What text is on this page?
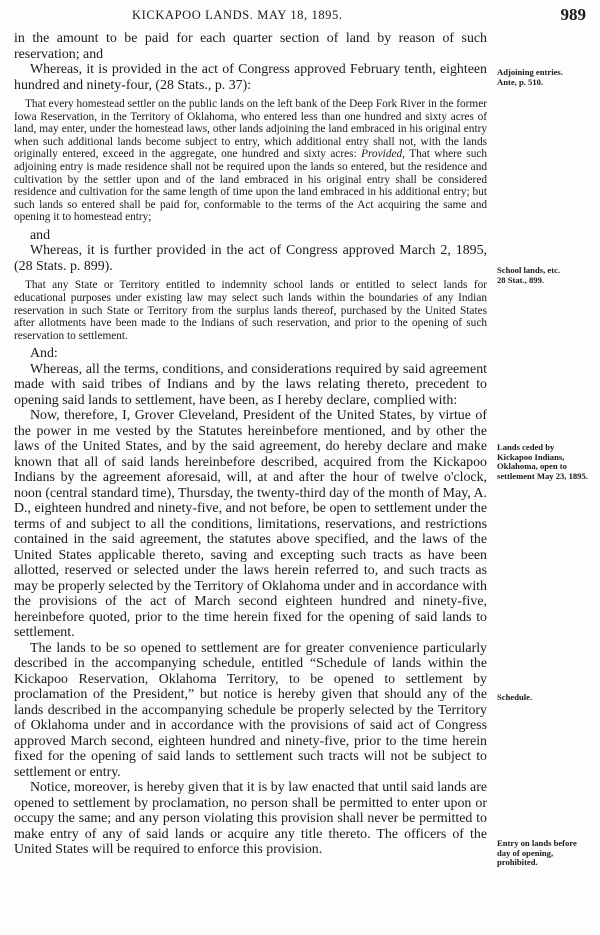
KICKAPOO LANDS. MAY 18, 1895.	989

in the amount to be paid for each quarter section of land by reason of such reservation; and

Whereas, it is provided in the act of Congress approved February tenth, eighteen hundred and ninety-four, (28 Stats., p. 37):

That every homestead settler on the public lands on the left bank of the Deep Fork River in the former Iowa Reservation, in the Territory of Oklahoma, who entered less than one hundred and sixty acres of land, may enter, under the homestead laws, other lands adjoining the land embraced in his original entry when such additional lands become subject to entry, which additional entry shall not, with the lands originally entered, exceed in the aggregate, one hundred and sixty acres: Provided, That where such adjoining entry is made residence shall not be required upon the lands so entered, but the residence and cultivation by the settler upon and of the land embraced in his original entry shall be considered residence and cultivation for the same length of time upon the land embraced in his additional entry; but such lands so entered shall be paid for, conformable to the terms of the Act acquiring the same and opening it to homestead entry;

and

Whereas, it is further provided in the act of Congress approved March 2, 1895, (28 Stats. p. 899).

That any State or Territory entitled to indemnity school lands or entitled to select lands for educational purposes under existing law may select such lands within the boundaries of any Indian reservation in such State or Territory from the surplus lands thereof, purchased by the United States after allotments have been made to the Indians of such reservation, and prior to the opening of such reservation to settlement.

And:

Whereas, all the terms, conditions, and considerations required by said agreement made with said tribes of Indians and by the laws relating thereto, precedent to opening said lands to settlement, have been, as I hereby declare, complied with:

Now, therefore, I, Grover Cleveland, President of the United States, by virtue of the power in me vested by the Statutes hereinbefore mentioned, and by other the laws of the United States, and by the said agreement, do hereby declare and make known that all of said lands hereinbefore described, acquired from the Kickapoo Indians by the agreement aforesaid, will, at and after the hour of twelve o'clock, noon (central standard time), Thursday, the twenty-third day of the month of May, A. D., eighteen hundred and ninety-five, and not before, be open to settlement under the terms of and subject to all the conditions, limitations, reservations, and restrictions contained in the said agreement, the statutes above specified, and the laws of the United States applicable thereto, saving and excepting such tracts as have been allotted, reserved or selected under the laws herein referred to, and such tracts as may be properly selected by the Territory of Oklahoma under and in accordance with the provisions of the act of March second eighteen hundred and ninety-five, hereinbefore quoted, prior to the time herein fixed for the opening of said lands to settlement.

The lands to be so opened to settlement are for greater convenience particularly described in the accompanying schedule, entitled “Schedule of lands within the Kickapoo Reservation, Oklahoma Territory, to be opened to settlement by proclamation of the President,” but notice is hereby given that should any of the lands described in the accompanying schedule be properly selected by the Territory of Oklahoma under and in accordance with the provisions of said act of Congress approved March second, eighteen hundred and ninety-five, prior to the time herein fixed for the opening of said lands to settlement such tracts will not be subject to settlement or entry.

Notice, moreover, is hereby given that it is by law enacted that until said lands are opened to settlement by proclamation, no person shall be permitted to enter upon or occupy the same; and any person violating this provision shall never be permitted to make entry of any of said lands or acquire any title thereto. The officers of the United States will be required to enforce this provision.

Adjoining entries.
Ante, p. 510.
School lands, etc.
28 Stat., 899.
Lands ceded by Kickapoo Indians, Oklahoma, open to settlement May 23, 1895.
Schedule.
Entry on lands before day of opening, prohibited.
